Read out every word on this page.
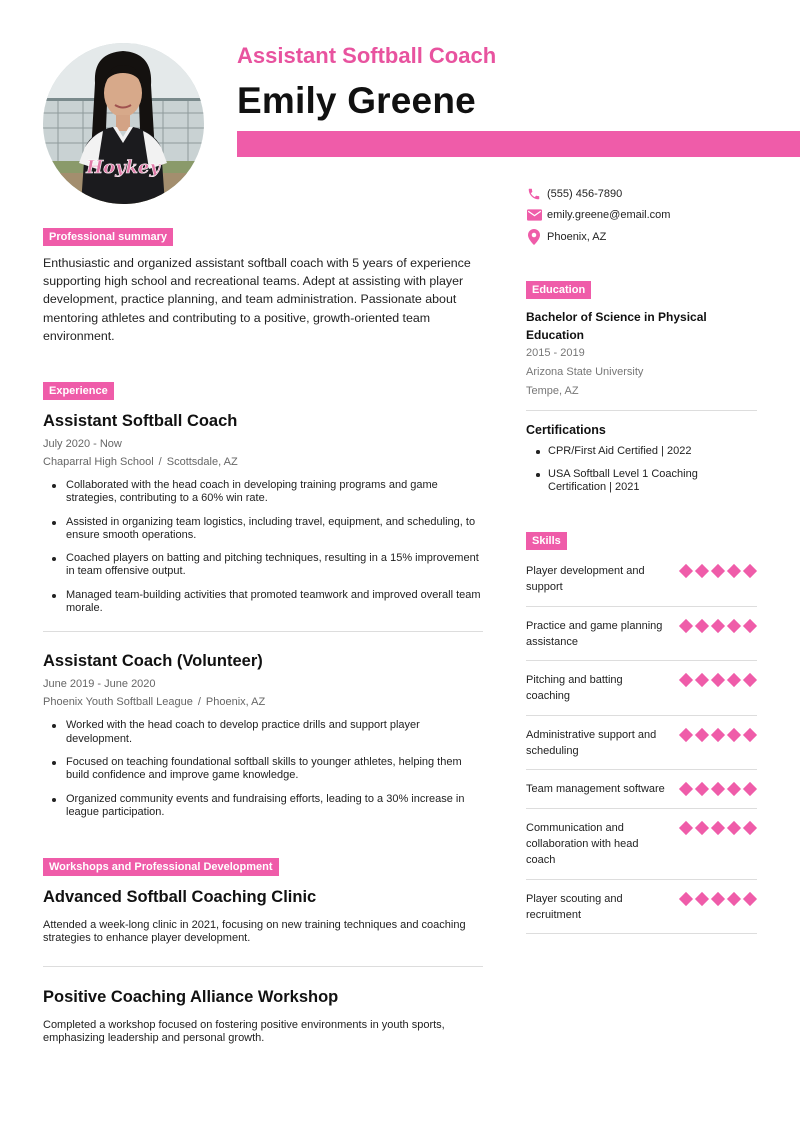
Hoykey
Assistant Softball Coach
Emily Greene
Professional summary

Enthusiastic and organized assistant softball coach with 5 years of experience supporting high school and recreational teams. Adept at assisting with player development, practice planning, and team administration. Passionate about mentoring athletes and contributing to a positive, growth-oriented team environment.

Experience
Assistant Softball Coach
July 2020 - Now
Chaparral High School / Scottsdale, AZ
Collaborated with the head coach in developing training programs and game strategies, contributing to a 60% win rate.
Assisted in organizing team logistics, including travel, equipment, and scheduling, to ensure smooth operations.
Coached players on batting and pitching techniques, resulting in a 15% improvement in team offensive output.
Managed team-building activities that promoted teamwork and improved overall team morale.
Assistant Coach (Volunteer)
June 2019 - June 2020
Phoenix Youth Softball League / Phoenix, AZ
Worked with the head coach to develop practice drills and support player development.
Focused on teaching foundational softball skills to younger athletes, helping them build confidence and improve game knowledge.
Organized community events and fundraising efforts, leading to a 30% increase in league participation.
Workshops and Professional Development
Advanced Softball Coaching Clinic

Attended a week-long clinic in 2021, focusing on new training techniques and coaching strategies to enhance player development.

Positive Coaching Alliance Workshop

Completed a workshop focused on fostering positive environments in youth sports, emphasizing leadership and personal growth.

(555) 456-7890
emily.greene@email.com
Phoenix, AZ
Education
Bachelor of Science in Physical Education
2015 - 2019
Arizona State University
Tempe, AZ
Certifications
CPR/First Aid Certified | 2022
USA Softball Level 1 Coaching Certification | 2021
Skills
Player development and support
Practice and game planning assistance
Pitching and batting coaching
Administrative support and scheduling
Team management software
Communication and collaboration with head coach
Player scouting and recruitment
